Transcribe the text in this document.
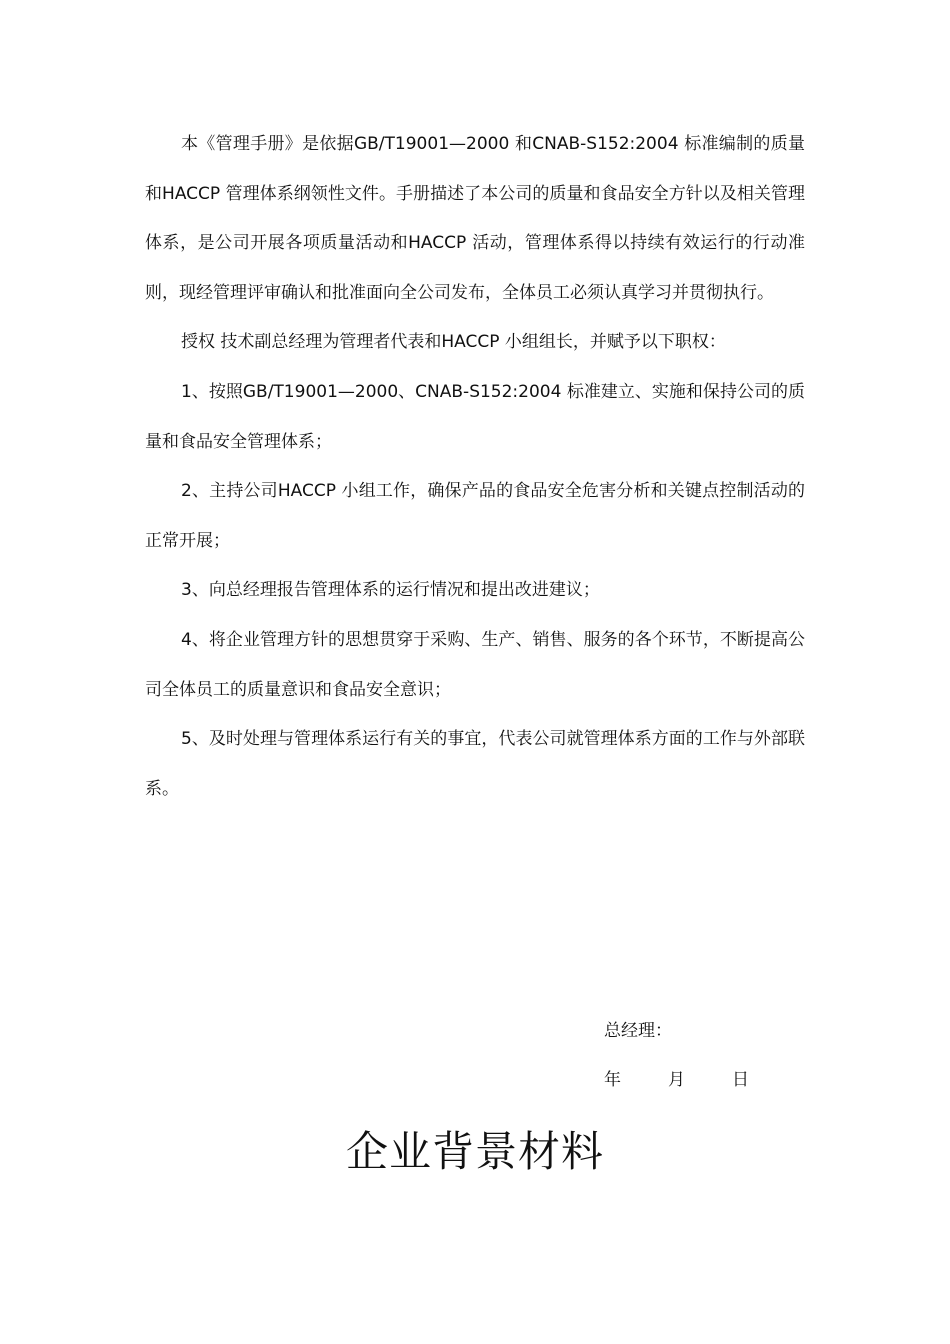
本《管理手册》是依据GB/T19001—2000 和CNAB-S152:2004 标准编制的质量和HACCP 管理体系纲领性文件。手册描述了本公司的质量和食品安全方针以及相关管理体系，是公司开展各项质量活动和HACCP 活动，管理体系得以持续有效运行的行动准则，现经管理评审确认和批准面向全公司发布，全体员工必须认真学习并贯彻执行。

授权 技术副总经理为管理者代表和HACCP 小组组长，并赋予以下职权：

1、按照GB/T19001—2000、CNAB-S152:2004 标准建立、实施和保持公司的质量和食品安全管理体系；

2、主持公司HACCP 小组工作，确保产品的食品安全危害分析和关键点控制活动的正常开展；

3、向总经理报告管理体系的运行情况和提出改进建议；

4、将企业管理方针的思想贯穿于采购、生产、销售、服务的各个环节，不断提高公司全体员工的质量意识和食品安全意识；

5、及时处理与管理体系运行有关的事宜，代表公司就管理体系方面的工作与外部联系。

总经理：

年	月	日

企业背景材料
